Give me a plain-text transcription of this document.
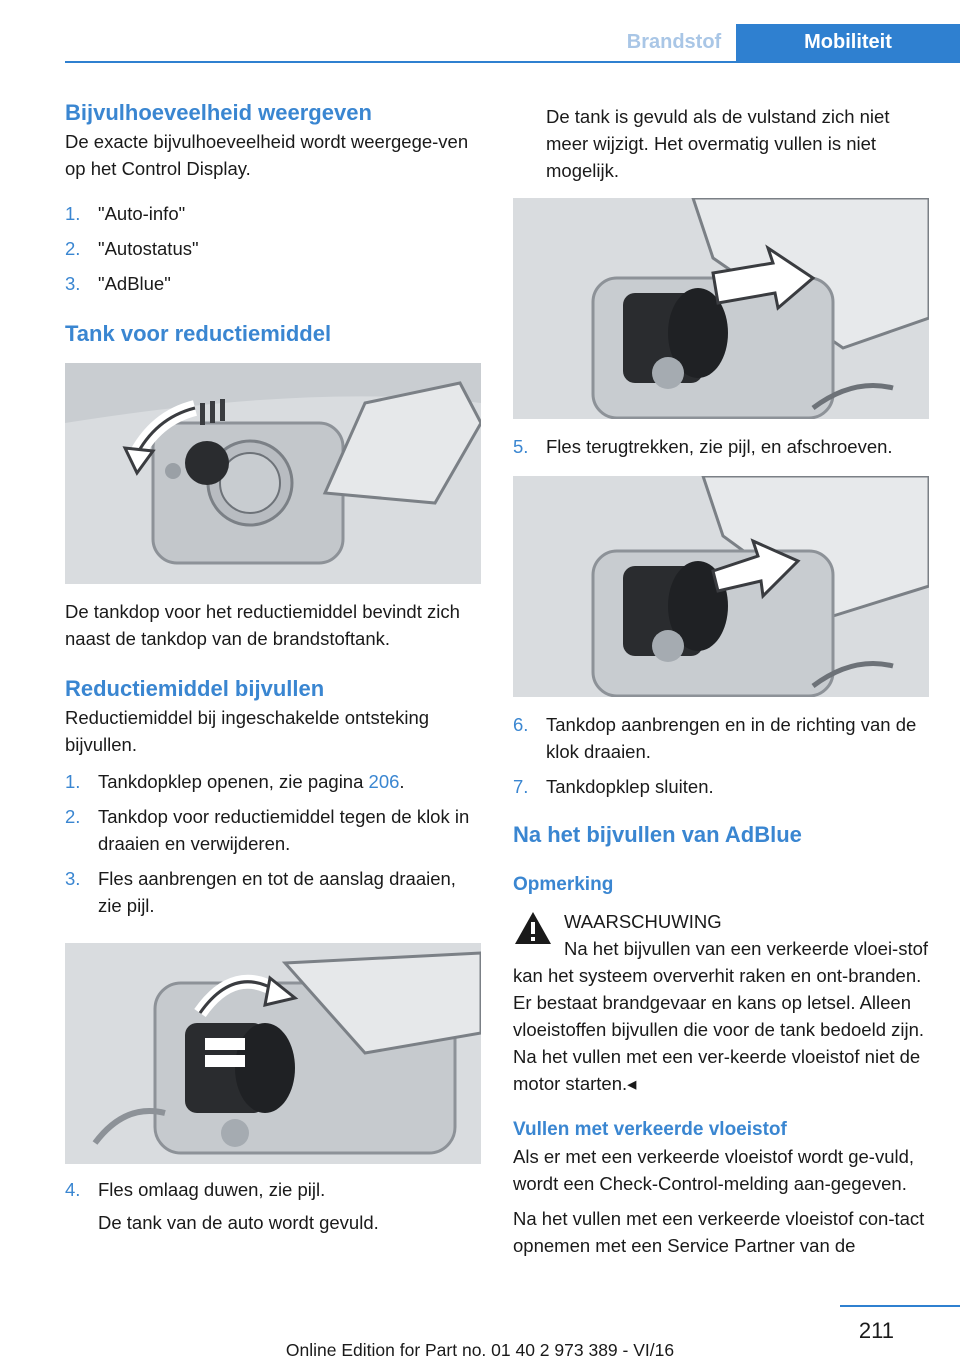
Brandstof	Mobiliteit
Bijvulhoeveelheid weergeven

De exacte bijvulhoeveelheid wordt weergege‐ven op het Control Display.

1. "Auto-info"
2. "Autostatus"
3. "AdBlue"
Tank voor reductiemiddel

De tankdop voor het reductiemiddel bevindt zich naast de tankdop van de brandstoftank.

Reductiemiddel bijvullen

Reductiemiddel bij ingeschakelde ontsteking bijvullen.

1. Tankdopklep openen, zie pagina 206.
2. Tankdop voor reductiemiddel tegen de klok in draaien en verwijderen.
3. Fles aanbrengen en tot de aanslag draaien, zie pijl.
4. Fles omlaag duwen, zie pijl.
De tank van de auto wordt gevuld.

De tank is gevuld als de vulstand zich niet meer wijzigt. Het overmatig vullen is niet mogelijk.

5. Fles terugtrekken, zie pijl, en afschroeven.
6. Tankdop aanbrengen en in de richting van de klok draaien.
7. Tankdopklep sluiten.
Na het bijvullen van AdBlue
Opmerking
WAARSCHUWING
Na het bijvullen van een verkeerde vloei‐stof kan het systeem oververhit raken en ont‐branden. Er bestaat brandgevaar en kans op letsel. Alleen vloeistoffen bijvullen die voor de tank bedoeld zijn. Na het vullen met een ver‐keerde vloeistof niet de motor starten.◂
Vullen met verkeerde vloeistof

Als er met een verkeerde vloeistof wordt ge‐vuld, wordt een Check-Control-melding aan‐gegeven.

Na het vullen met een verkeerde vloeistof con‐tact opnemen met een Service Partner van de

211
Online Edition for Part no. 01 40 2 973 389 - VI/16
